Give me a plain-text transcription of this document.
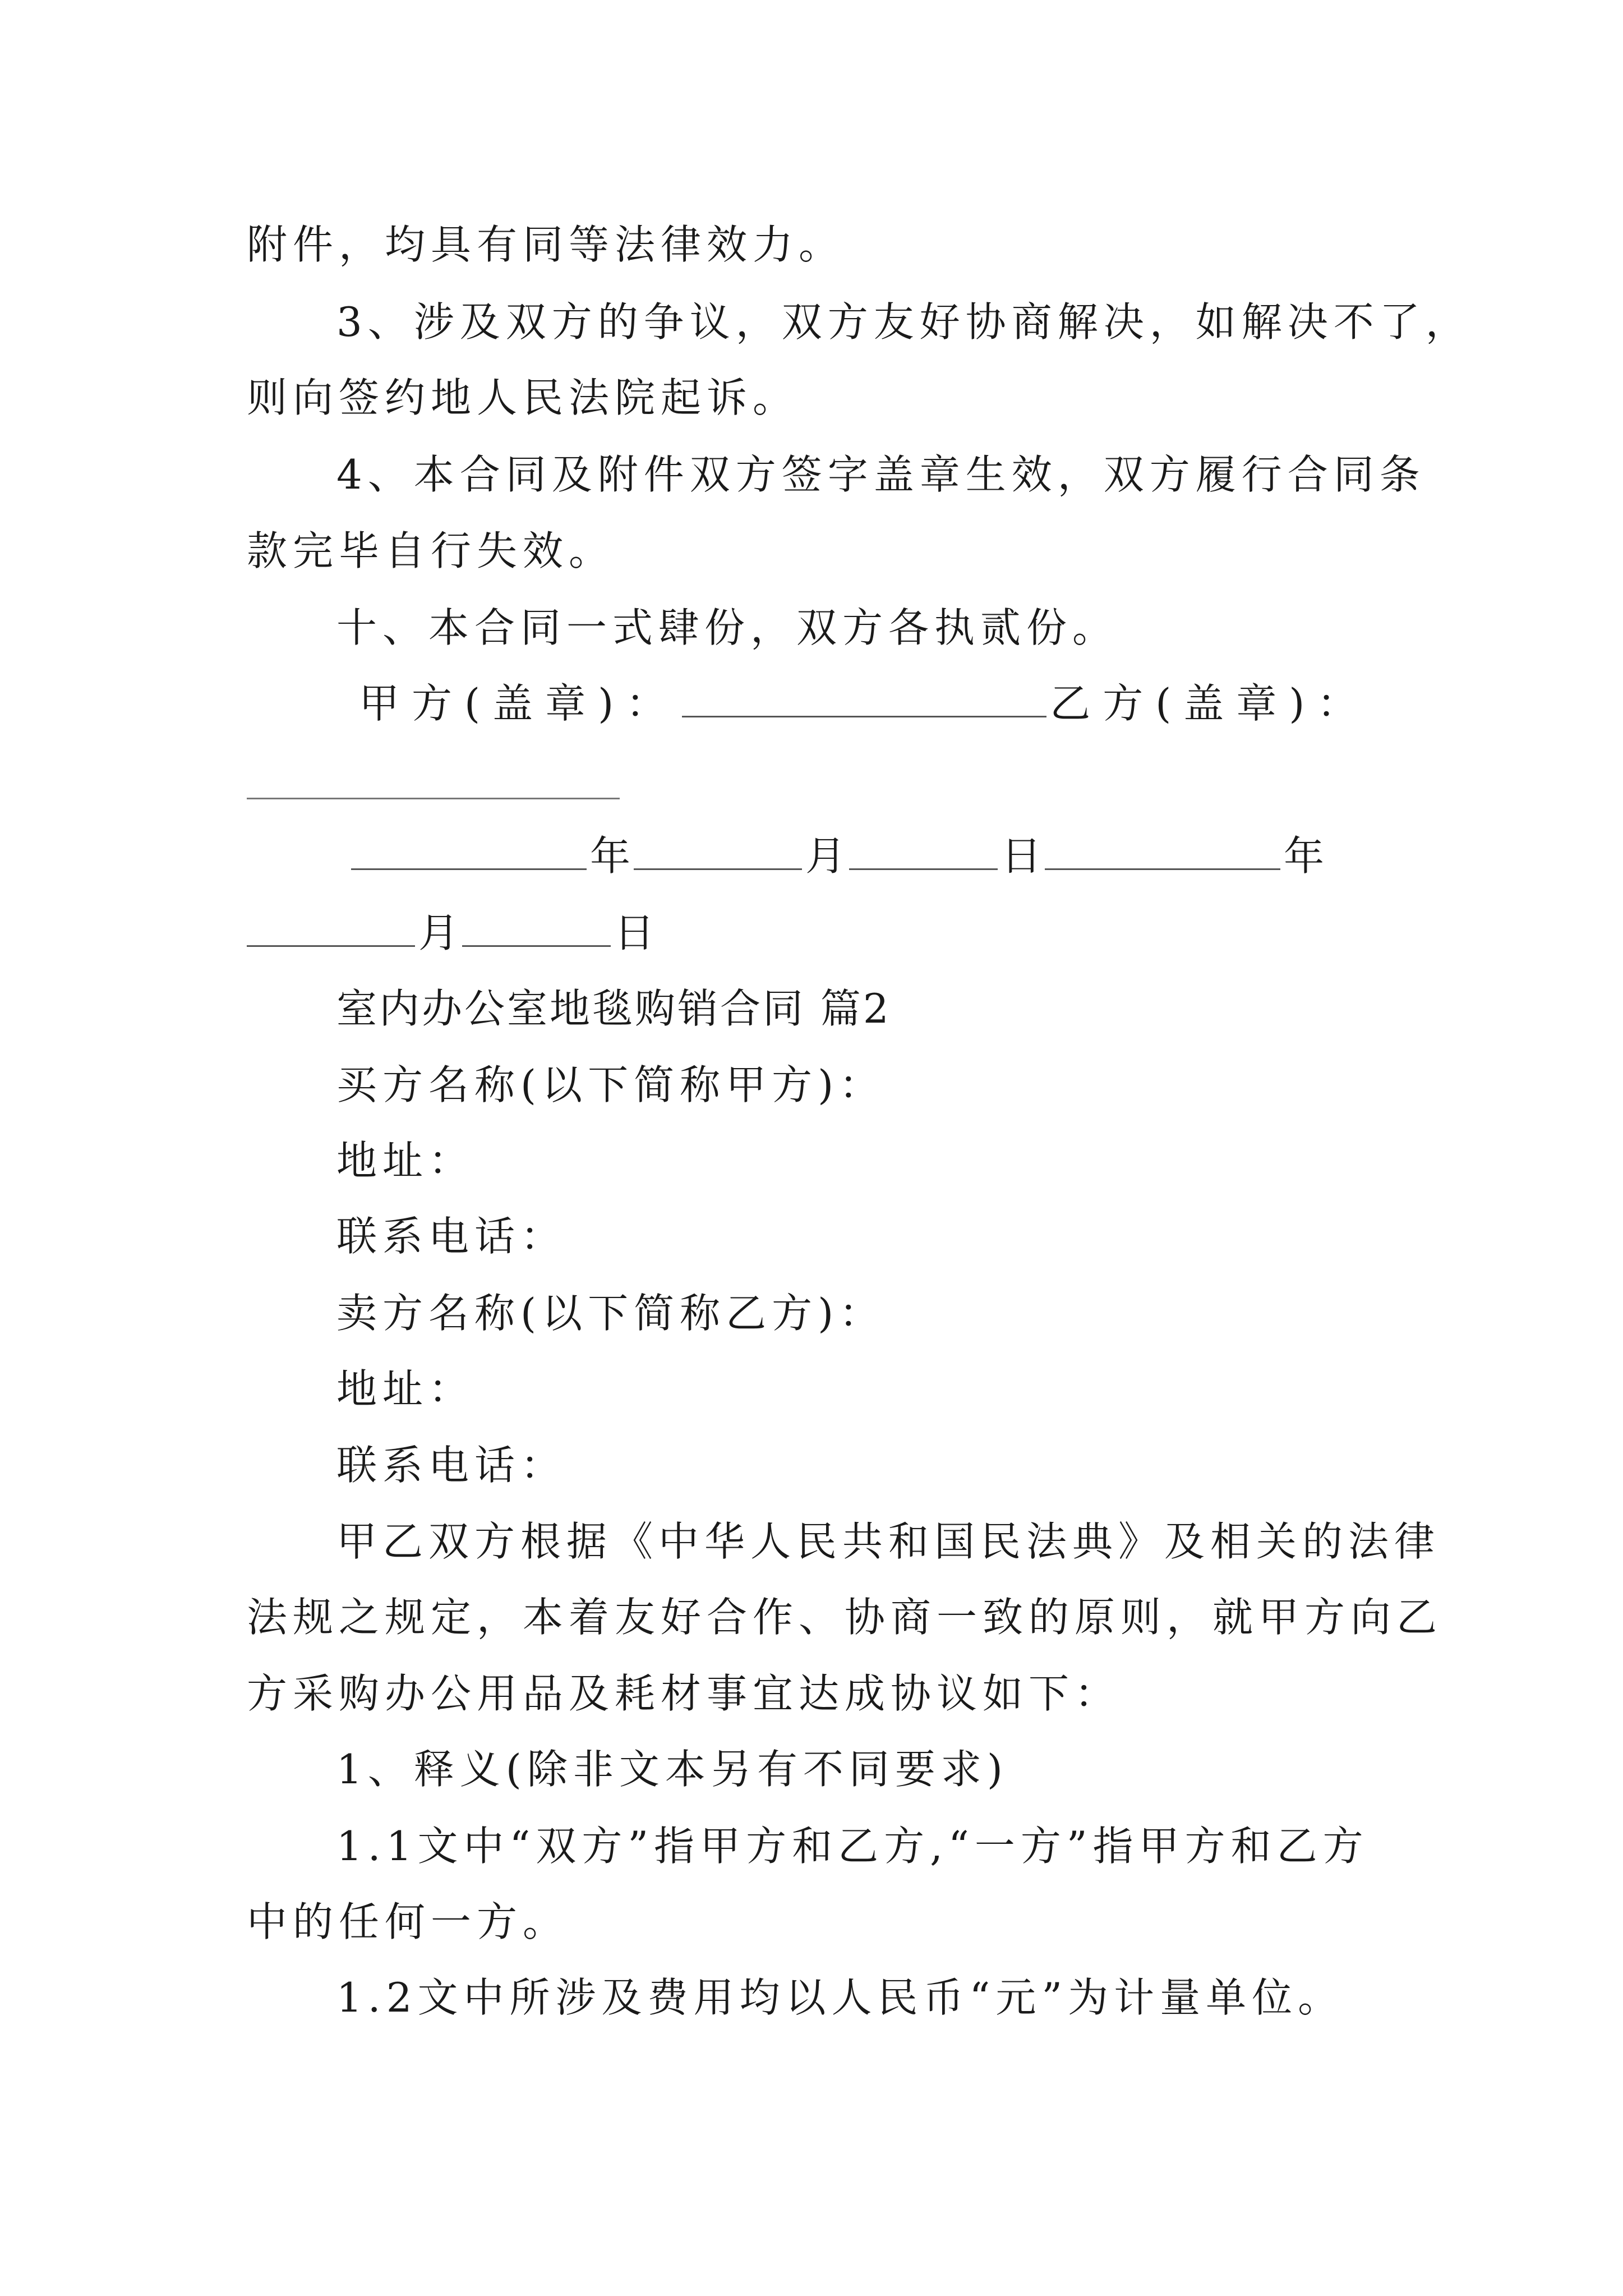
附件，均具有同等法律效力。
3、涉及双方的争议，双方友好协商解决，如解决不了，
则向签约地人民法院起诉。
4、本合同及附件双方签字盖章生效，双方履行合同条
款完毕自行失效。
十、本合同一式肆份，双方各执贰份。
甲方(盖章)：	乙方(盖章)：
年	月	日	年
月	日
室内办公室地毯购销合同 篇2
买方名称(以下简称甲方)：
地址：
联系电话：
卖方名称(以下简称乙方)：
地址：
联系电话：
甲乙双方根据《中华人民共和国民法典》及相关的法律
法规之规定，本着友好合作、协商一致的原则，就甲方向乙
方采购办公用品及耗材事宜达成协议如下：
1、释义(除非文本另有不同要求)
1.1文中“双方”指甲方和乙方,“一方”指甲方和乙方
中的任何一方。
1.2文中所涉及费用均以人民币“元”为计量单位。
